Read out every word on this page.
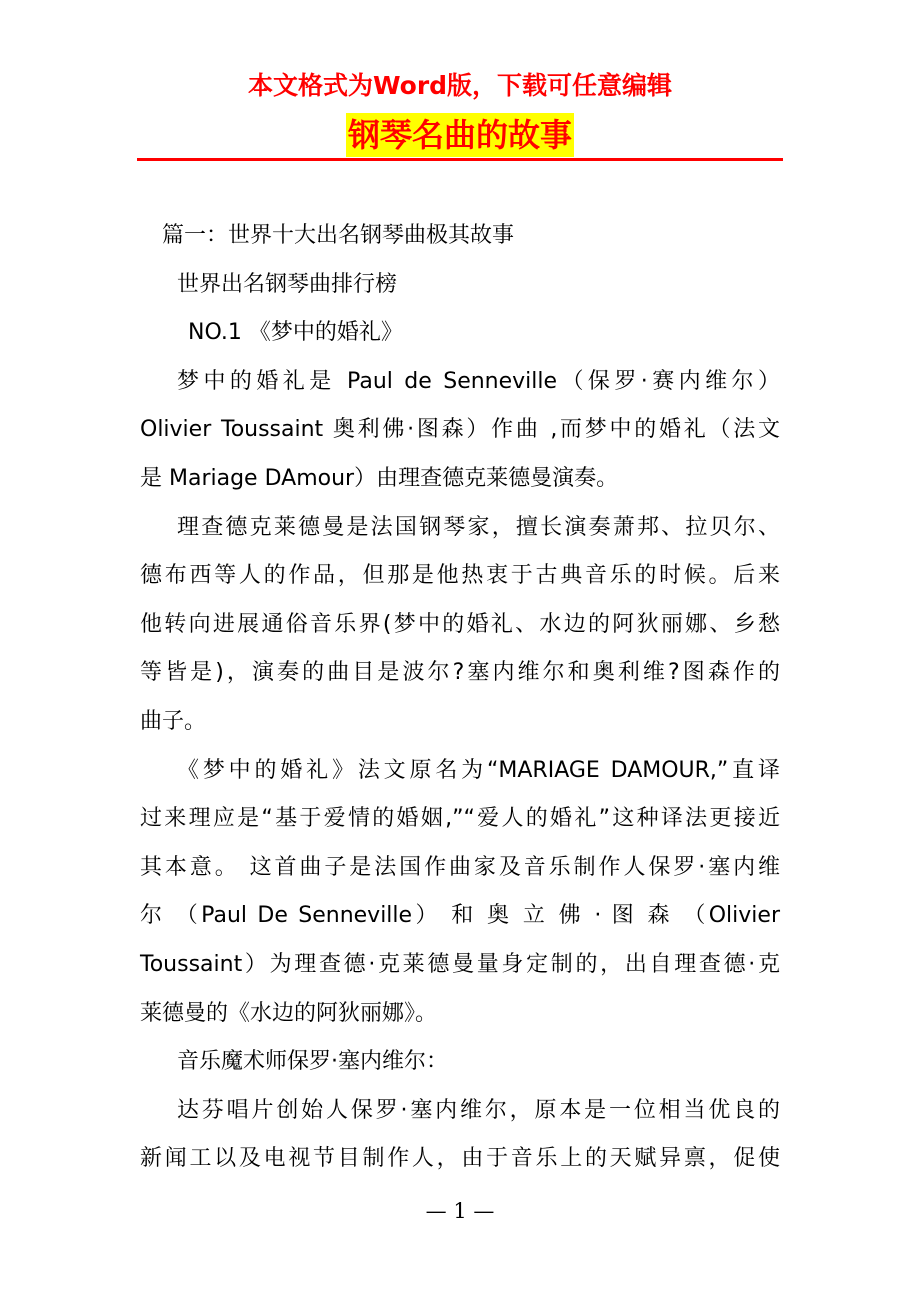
本文格式为Word版，下载可任意编辑
钢琴名曲的故事
篇一：世界十大出名钢琴曲极其故事
世界出名钢琴曲排行榜
NO.1 《梦中的婚礼》
梦中的婚礼是 Paul de Senneville（保罗·赛内维尔）
Olivier Toussaint 奥利佛·图森）作曲 ,而梦中的婚礼（法文
是 Mariage DAmour）由理查德克莱德曼演奏。
理查德克莱德曼是法国钢琴家，擅长演奏萧邦、拉贝尔、
德布西等人的作品，但那是他热衷于古典音乐的时候。后来
他转向进展通俗音乐界(梦中的婚礼、水边的阿狄丽娜、乡愁
等皆是)，演奏的曲目是波尔?塞内维尔和奥利维?图森作的
曲子。
《梦中的婚礼》法文原名为“MARIAGE DAMOUR,”直译
过来理应是“基于爱情的婚姻,”“爱人的婚礼”这种译法更接近
其本意。 这首曲子是法国作曲家及音乐制作人保罗·塞内维
尔 （Paul De Senneville） 和 奥 立 佛 · 图 森 （Olivier
Toussaint）为理查德·克莱德曼量身定制的，出自理查德·克
莱德曼的《水边的阿狄丽娜》。
音乐魔术师保罗·塞内维尔：
达芬唱片创始人保罗·塞内维尔，原本是一位相当优良的
新闻工以及电视节目制作人，由于音乐上的天赋异禀，促使
— 1 —
